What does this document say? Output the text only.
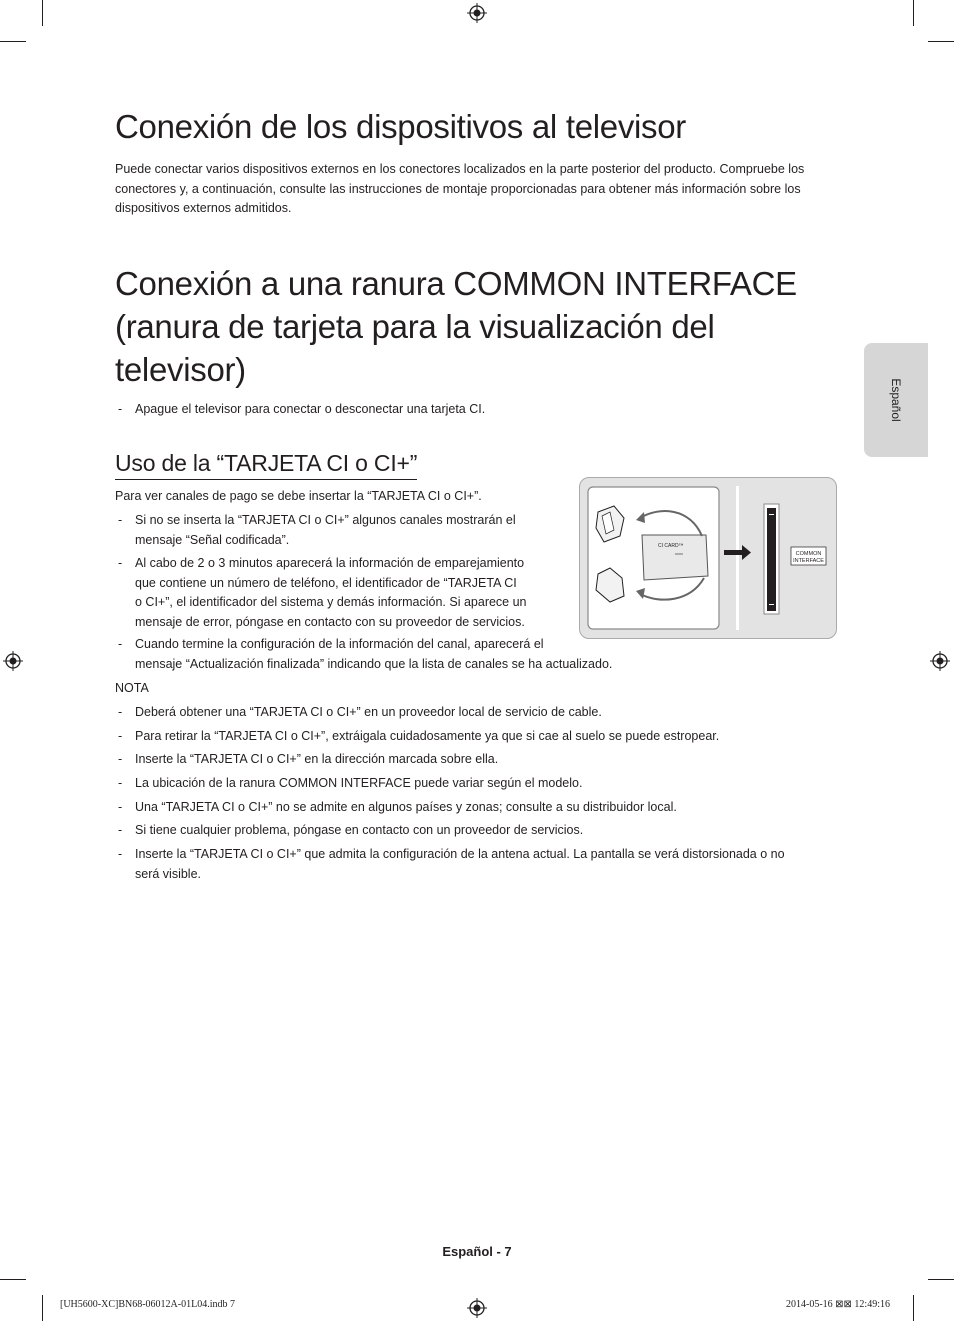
Español
Conexión de los dispositivos al televisor
Puede conectar varios dispositivos externos en los conectores localizados en la parte posterior del producto. Compruebe los conectores y, a continuación, consulte las instrucciones de montaje proporcionadas para obtener más información sobre los dispositivos externos admitidos.
Conexión a una ranura COMMON INTERFACE
(ranura de tarjeta para la visualización del
televisor)
- Apague el televisor para conectar o desconectar una tarjeta CI.
Uso de la “TARJETA CI o CI+”
Para ver canales de pago se debe insertar la “TARJETA CI o CI+”.
- Si no se inserta la “TARJETA CI o CI+” algunos canales mostrarán el
mensaje “Señal codificada”.
- Al cabo de 2 o 3 minutos aparecerá la información de emparejamiento
que contiene un número de teléfono, el identificador de “TARJETA CI
o CI+”, el identificador del sistema y demás información. Si aparece un
mensaje de error, póngase en contacto con su proveedor de servicios.
- Cuando termine la configuración de la información del canal, aparecerá el
mensaje “Actualización finalizada” indicando que la lista de canales se ha actualizado.
CI CARD™
COMMON
INTERFACE
NOTA
- Deberá obtener una “TARJETA CI o CI+” en un proveedor local de servicio de cable.
- Para retirar la “TARJETA CI o CI+”, extráigala cuidadosamente ya que si cae al suelo se puede estropear.
- Inserte la “TARJETA CI o CI+” en la dirección marcada sobre ella.
- La ubicación de la ranura COMMON INTERFACE puede variar según el modelo.
- Una “TARJETA CI o CI+” no se admite en algunos países y zonas; consulte a su distribuidor local.
- Si tiene cualquier problema, póngase en contacto con un proveedor de servicios.
- Inserte la “TARJETA CI o CI+” que admita la configuración de la antena actual. La pantalla se verá distorsionada o no
será visible.
Español - 7
[UH5600-XC]BN68-06012A-01L04.indb 7	2014-05-16 ⊠⊠ 12:49:16
